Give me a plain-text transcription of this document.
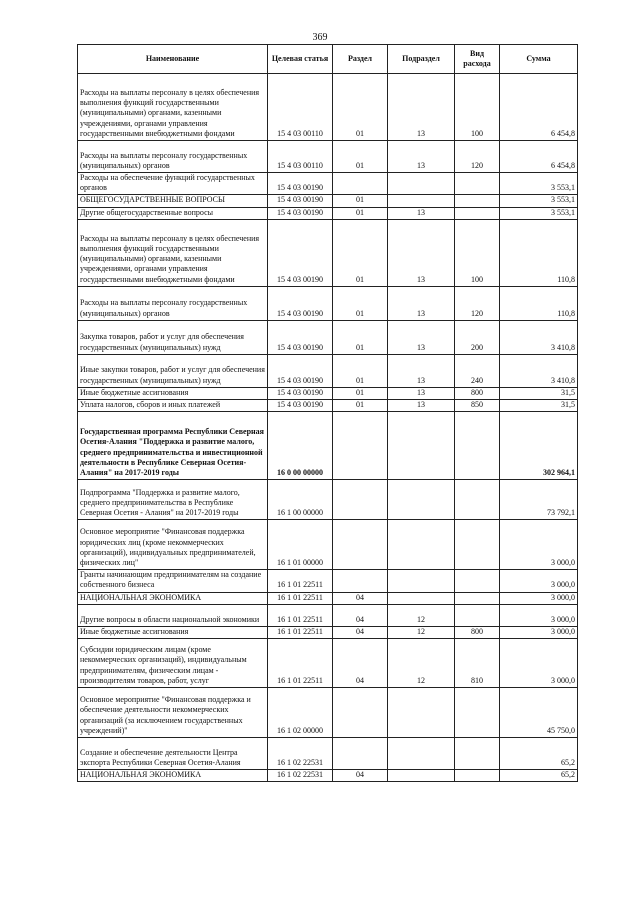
369
Наименование	Целевая статья	Раздел	Подраздел	Вид расхода	Сумма
Расходы на выплаты персоналу в целях обеспечения выполнения функций государственными (муниципальными) органами, казенными учреждениями, органами управления государственными внебюджетными фондами	15 4 03 00110	01	13	100	6 454,8
Расходы на выплаты персоналу государственных (муниципальных) органов	15 4 03 00110	01	13	120	6 454,8
Расходы на обеспечение функций государственных органов	15 4 03 00190				3 553,1
ОБЩЕГОСУДАРСТВЕННЫЕ ВОПРОСЫ	15 4 03 00190	01			3 553,1
Другие общегосударственные вопросы	15 4 03 00190	01	13		3 553,1
Расходы на выплаты персоналу в целях обеспечения выполнения функций государственными (муниципальными) органами, казенными учреждениями, органами управления государственными внебюджетными фондами	15 4 03 00190	01	13	100	110,8
Расходы на выплаты персоналу государственных (муниципальных) органов	15 4 03 00190	01	13	120	110,8
Закупка товаров, работ и услуг для обеспечения государственных (муниципальных) нужд	15 4 03 00190	01	13	200	3 410,8
Иные закупки товаров, работ и услуг для обеспечения государственных (муниципальных) нужд	15 4 03 00190	01	13	240	3 410,8
Иные бюджетные ассигнования	15 4 03 00190	01	13	800	31,5
Уплата налогов, сборов и иных платежей	15 4 03 00190	01	13	850	31,5
Государственная программа Республики Северная Осетия-Алания "Поддержка и развитие малого, среднего предпринимательства и инвестиционной деятельности в Республике Северная Осетия-Алания" на 2017-2019 годы	16 0 00 00000				302 964,1
Подпрограмма "Поддержка и развитие малого, среднего предпринимательства в Республике Северная Осетия - Алания" на 2017-2019 годы	16 1 00 00000				73 792,1
Основное мероприятие "Финансовая поддержка юридических лиц (кроме некоммерческих организаций), индивидуальных предпринимателей, физических лиц"	16 1 01 00000				3 000,0
Гранты начинающим предпринимателям на создание собственного бизнеса	16 1 01 22511				3 000,0
НАЦИОНАЛЬНАЯ ЭКОНОМИКА	16 1 01 22511	04			3 000,0
Другие вопросы в области национальной экономики	16 1 01 22511	04	12		3 000,0
Иные бюджетные ассигнования	16 1 01 22511	04	12	800	3 000,0
Субсидии юридическим лицам (кроме некоммерческих организаций), индивидуальным предпринимателям, физическим лицам - производителям товаров, работ, услуг	16 1 01 22511	04	12	810	3 000,0
Основное мероприятие "Финансовая поддержка и обеспечение деятельности некоммерческих организаций (за исключением государственных учреждений)"	16 1 02 00000				45 750,0
Создание и обеспечение деятельности Центра экспорта Республики Северная Осетия-Алания	16 1 02 22531				65,2
НАЦИОНАЛЬНАЯ ЭКОНОМИКА	16 1 02 22531	04			65,2
